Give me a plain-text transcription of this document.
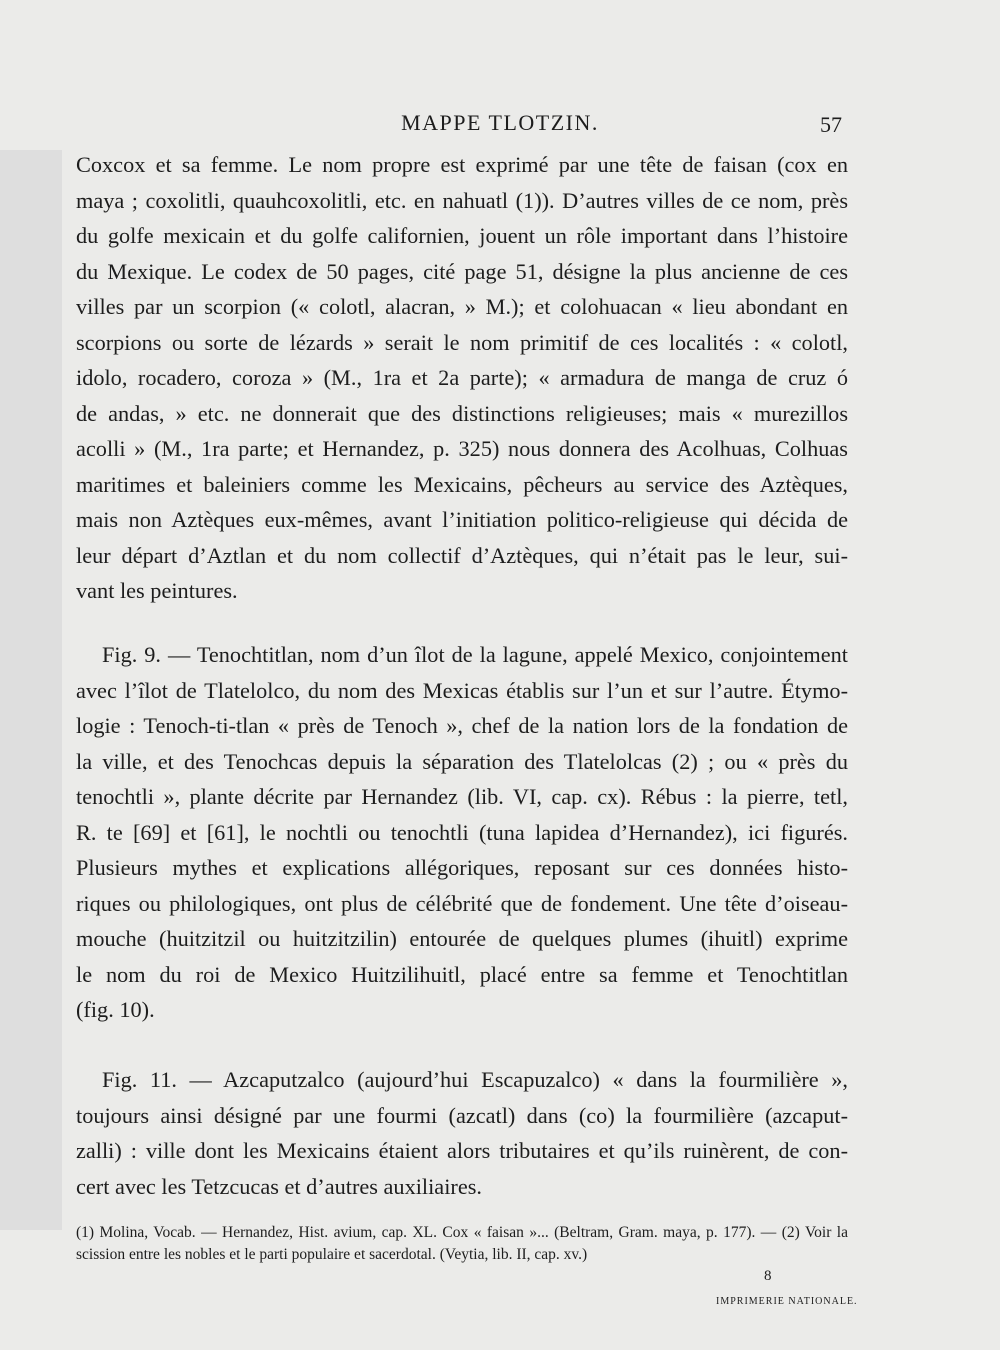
MAPPE TLOTZIN.	57
Coxcox et sa femme. Le nom propre est exprimé par une tête de faisan (cox en
maya ; coxolitli, quauhcoxolitli, etc. en nahuatl (1)). D’autres villes de ce nom, près
du golfe mexicain et du golfe californien, jouent un rôle important dans l’histoire
du Mexique. Le codex de 50 pages, cité page 51, désigne la plus ancienne de ces
villes par un scorpion (« colotl, alacran, » M.); et colohuacan « lieu abondant en
scorpions ou sorte de lézards » serait le nom primitif de ces localités : « colotl,
idolo, rocadero, coroza » (M., 1ra et 2a parte); « armadura de manga de cruz ó
de andas, » etc. ne donnerait que des distinctions religieuses; mais « murezillos
acolli » (M., 1ra parte; et Hernandez, p. 325) nous donnera des Acolhuas, Colhuas
maritimes et baleiniers comme les Mexicains, pêcheurs au service des Aztèques,
mais non Aztèques eux-mêmes, avant l’initiation politico-religieuse qui décida de
leur départ d’Aztlan et du nom collectif d’Aztèques, qui n’était pas le leur, sui-
vant les peintures.
Fig. 9. — Tenochtitlan, nom d’un îlot de la lagune, appelé Mexico, conjointement
avec l’îlot de Tlatelolco, du nom des Mexicas établis sur l’un et sur l’autre. Étymo-
logie : Tenoch-ti-tlan « près de Tenoch », chef de la nation lors de la fondation de
la ville, et des Tenochcas depuis la séparation des Tlatelolcas (2) ; ou « près du
tenochtli », plante décrite par Hernandez (lib. VI, cap. cx). Rébus : la pierre, tetl,
R. te [69] et [61], le nochtli ou tenochtli (tuna lapidea d’Hernandez), ici figurés.
Plusieurs mythes et explications allégoriques, reposant sur ces données histo-
riques ou philologiques, ont plus de célébrité que de fondement. Une tête d’oiseau-
mouche (huitzitzil ou huitzitzilin) entourée de quelques plumes (ihuitl) exprime
le nom du roi de Mexico Huitzilihuitl, placé entre sa femme et Tenochtitlan
(fig. 10).
Fig. 11. — Azcaputzalco (aujourd’hui Escapuzalco) « dans la fourmilière »,
toujours ainsi désigné par une fourmi (azcatl) dans (co) la fourmilière (azcaput-
zalli) : ville dont les Mexicains étaient alors tributaires et qu’ils ruinèrent, de con-
cert avec les Tetzcucas et d’autres auxiliaires.
(1) Molina, Vocab. — Hernandez, Hist. avium, cap. XL. Cox « faisan »... (Beltram, Gram. maya, p. 177). — (2) Voir la
scission entre les nobles et le parti populaire et sacerdotal. (Veytia, lib. II, cap. xv.)
8
IMPRIMERIE NATIONALE.
